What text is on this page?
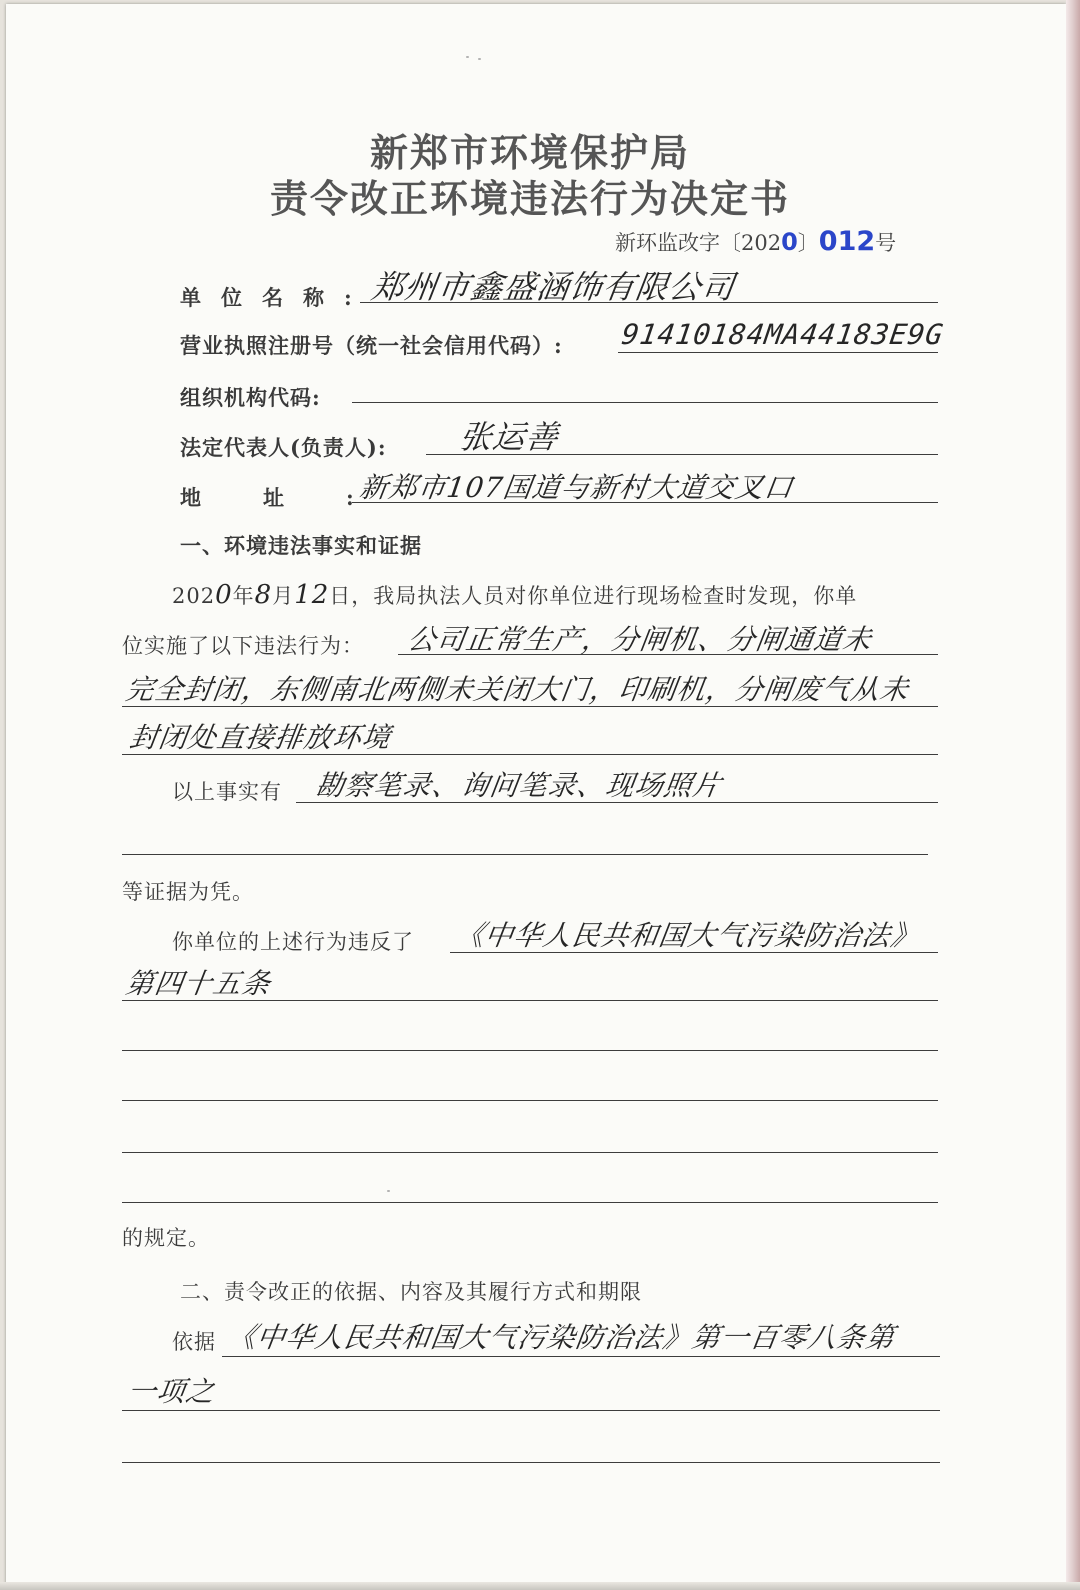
新郑市环境保护局
责令改正环境违法行为决定书
新环监改字〔2020〕012号
单位名称:
郑州市鑫盛涵饰有限公司
营业执照注册号（统一社会信用代码）: 91410184MA44183E9G
组织机构代码:
法定代表人(负责人): 张运善
地址:
新郑市107国道与新村大道交叉口
一、环境违法事实和证据
2020年8月12日，我局执法人员对你单位进行现场检查时发现，你单
位实施了以下违法行为： 公司正常生产，分闸机、分闸通道未
完全封闭，东侧南北两侧未关闭大门，印刷机，分闸废气从未
封闭处直接排放环境
以上事实有 勘察笔录、询问笔录、现场照片
等证据为凭。
你单位的上述行为违反了 《中华人民共和国大气污染防治法》
第四十五条
的规定。
二、责令改正的依据、内容及其履行方式和期限
依据 《中华人民共和国大气污染防治法》第一百零八条第
一项之
